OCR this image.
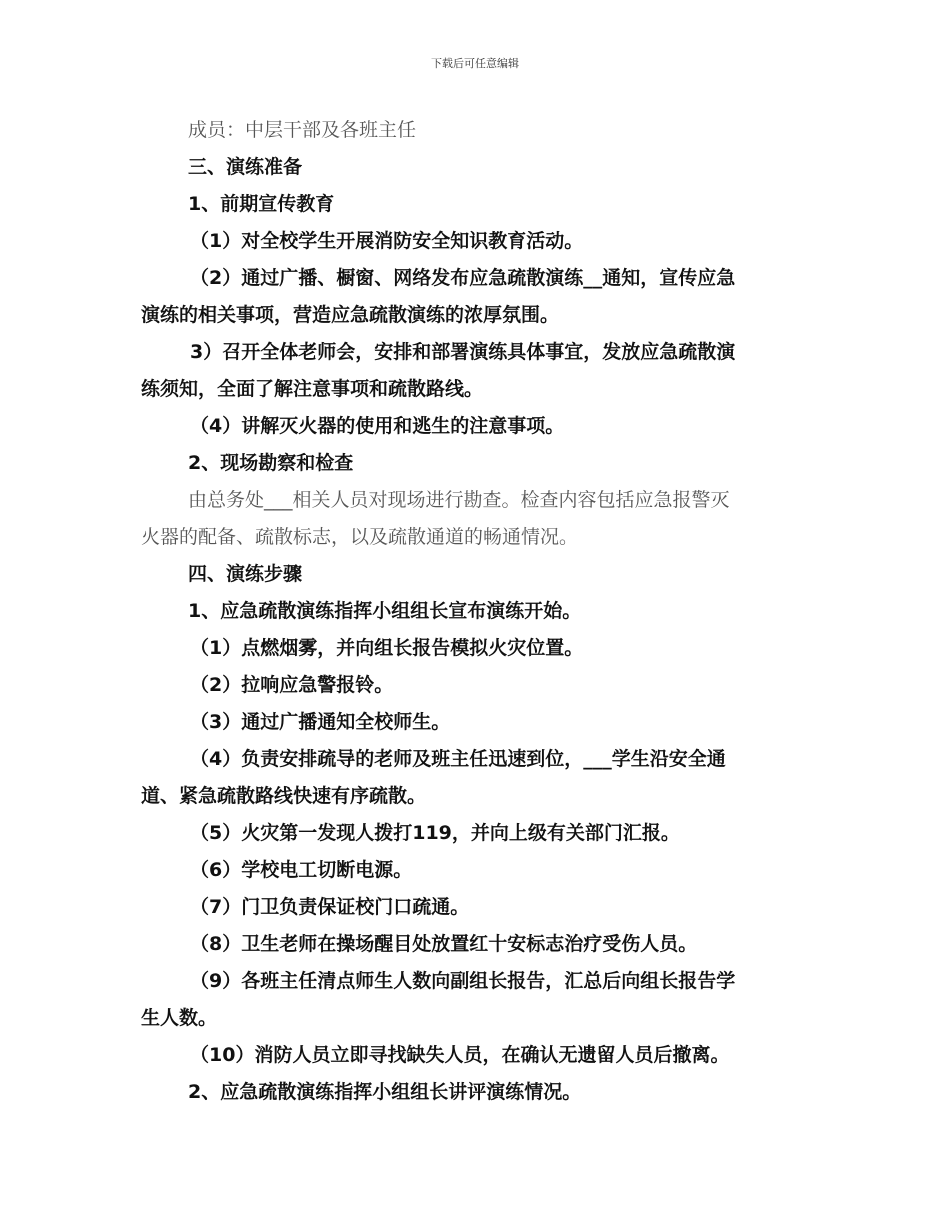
下载后可任意编辑
成员：中层干部及各班主任
三、演练准备
1、前期宣传教育
（1）对全校学生开展消防安全知识教育活动。
（2）通过广播、橱窗、网络发布应急疏散演练__通知，宣传应急
演练的相关事项，营造应急疏散演练的浓厚氛围。
3）召开全体老师会，安排和部署演练具体事宜，发放应急疏散演
练须知，全面了解注意事项和疏散路线。
（4）讲解灭火器的使用和逃生的注意事项。
2、现场勘察和检查
由总务处___相关人员对现场进行勘查。检查内容包括应急报警灭
火器的配备、疏散标志，以及疏散通道的畅通情况。
四、演练步骤
1、应急疏散演练指挥小组组长宣布演练开始。
（1）点燃烟雾，并向组长报告模拟火灾位置。
（2）拉响应急警报铃。
（3）通过广播通知全校师生。
（4）负责安排疏导的老师及班主任迅速到位，___学生沿安全通
道、紧急疏散路线快速有序疏散。
（5）火灾第一发现人拨打119，并向上级有关部门汇报。
（6）学校电工切断电源。
（7）门卫负责保证校门口疏通。
（8）卫生老师在操场醒目处放置红十安标志治疗受伤人员。
（9）各班主任清点师生人数向副组长报告，汇总后向组长报告学
生人数。
（10）消防人员立即寻找缺失人员，在确认无遗留人员后撤离。
2、应急疏散演练指挥小组组长讲评演练情况。
